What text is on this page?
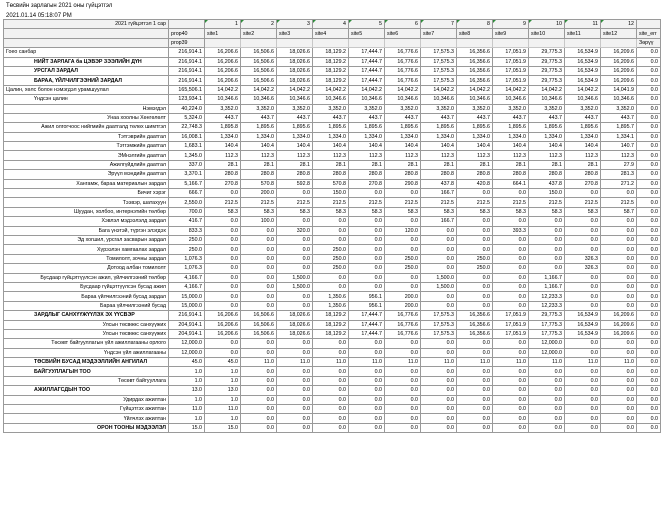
Төсвийн зарлагын 2021 оны гүйцэтгэл
2021.01.14 05:18:07 PM
2021 гүйцэтгэл 1 сар		1	2	3	4	5	6	7	8	9	10	11	12	
	prop40	site1	site2	site3	site4	site5	site6	site7	site8	site9	site10	site11	site12	site_err
	prop39													Зөрүү
Гоео санбар	216,914.1	16,206.6	16,506.6	18,026.6	18,129.2	17,444.7	16,776.6	17,575.3	16,356.6	17,051.9	29,775.3	16,534.9	16,209.6	0.0
НИЙТ ЗАРЛАГА ба ЦЭВЭР ЗЭЭЛИЙН ДҮН	216,914.1	16,206.6	16,506.6	18,026.6	18,129.2	17,444.7	16,776.6	17,575.3	16,356.6	17,051.9	29,775.3	16,534.9	16,209.6	0.0
УРСГАЛ ЗАРДАЛ	216,914.1	16,206.6	16,506.6	18,026.6	18,129.2	17,444.7	16,776.6	17,575.3	16,356.6	17,051.9	29,775.3	16,534.9	16,209.6	0.0
БАРАА, ҮЙЛЧИЛГЭЭНИЙ ЗАРДАЛ	216,914.1	16,206.6	16,506.6	18,026.6	18,129.2	17,444.7	16,776.6	17,575.3	16,356.6	17,051.9	29,775.3	16,534.9	16,209.6	0.0
Цалин, хөлс болон нэмэгдэл урамшуулал	165,506.1	14,042.2	14,042.2	14,042.2	14,042.2	14,042.2	14,042.2	14,042.2	14,042.2	14,042.2	14,042.2	14,042.2	14,041.9	0.0
Үндсэн цалин	123,934.1	10,346.6	10,346.6	10,346.6	10,346.6	10,346.6	10,346.6	10,346.6	10,346.6	10,346.6	10,346.6	10,346.6	10,346.6	0.0
Нэмэгдэл	40,224.0	3,352.0	3,352.0	3,352.0	3,352.0	3,352.0	3,352.0	3,352.0	3,352.0	3,352.0	3,352.0	3,352.0	3,352.0	0.0
Унаа хоолны Хөнгөлөлт	5,324.0	443.7	443.7	443.7	443.7	443.7	443.7	443.7	443.7	443.7	443.7	443.7	443.7	0.0
Ажил олгогчоос нийгмийн даатгалд төлөх шимтгэл	22,748.3	1,895.8	1,895.6	1,895.6	1,895.6	1,895.6	1,895.6	1,895.6	1,895.6	1,895.6	1,895.6	1,895.6	1,895.7	0.0
Тэтгэврийн даатгал	16,008.1	1,334.0	1,334.0	1,334.0	1,334.0	1,334.0	1,334.0	1,334.0	1,334.0	1,334.0	1,334.0	1,334.0	1,334.1	0.0
Тэтгэмжийн даатгал	1,683.1	140.4	140.4	140.4	140.4	140.4	140.4	140.4	140.4	140.4	140.4	140.4	140.7	0.0
ЭМнэлгийн даатгал	1,345.0	112.3	112.3	112.3	112.3	112.3	112.3	112.3	112.3	112.3	112.3	112.3	112.3	0.0
Ажилгүйдлийн даатгал	337.0	28.1	28.1	28.1	28.1	28.1	28.1	28.1	28.1	28.1	28.1	28.1	27.9	0.0
Эрүүл мэндийн даатгал	3,370.1	280.8	280.8	280.8	280.8	280.8	280.8	280.8	280.8	280.8	280.8	280.8	281.3	0.0
Хангамж, бараа материалын зардал	5,166.7	270.8	570.8	592.8	570.8	270.8	290.8	437.8	420.8	664.1	437.8	270.8	271.2	0.0
Бичиг хэрэг	666.7	0.0	200.0	0.0	150.0	0.0	0.0	166.7	0.0	0.0	150.0	0.0	0.0	0.0
Тээвэр, шатахуун	2,550.0	212.5	212.5	212.5	212.5	212.5	212.5	212.5	212.5	212.5	212.5	212.5	212.5	0.0
Шуудан, холбоо, интернэтийн төлбөр	700.0	58.3	58.3	58.3	58.3	58.3	58.3	58.3	58.3	58.3	58.3	58.3	58.7	0.0
Хэвлэл мэдээлэлд зардал	416.7	0.0	100.0	0.0	0.0	0.0	0.0	166.7	0.0	0.0	0.0	0.0	0.0	0.0
Бага үнэтэй, түргэн элэгдэх	833.3	0.0	0.0	320.0	0.0	0.0	120.0	0.0	0.0	393.3	0.0	0.0	0.0	0.0
Эд хогшил, урсгал засварын зардал	250.0	0.0	0.0	0.0	0.0	0.0	0.0	0.0	0.0	0.0	0.0	0.0	0.0	0.0
Хүрээлэн хамгаалах зардал	250.0	0.0	0.0	0.0	250.0	0.0	0.0	0.0	0.0	0.0	0.0	0.0	0.0	0.0
Томилолт, зочны зардал	1,076.3	0.0	0.0	0.0	250.0	0.0	250.0	0.0	250.0	0.0	0.0	326.3	0.0	0.0
Дотоод албан томилолт	1,076.3	0.0	0.0	0.0	250.0	0.0	250.0	0.0	250.0	0.0	0.0	326.3	0.0	0.0
Бусдаар гүйцэтгүүлсэн ажил, үйлчилгээний төлбөр	4,166.7	0.0	0.0	1,500.0	0.0	0.0	0.0	1,500.0	0.0	0.0	1,166.7	0.0	0.0	0.0
Бусдаар гүйцэтгүүлсэн бусад ажил	4,166.7	0.0	0.0	1,500.0	0.0	0.0	0.0	1,500.0	0.0	0.0	1,166.7	0.0	0.0	0.0
Бараа үйлчилгээний бусад зардал	15,000.0	0.0	0.0	0.0	1,350.6	956.1	200.0	0.0	0.0	0.0	12,233.3	0.0	0.0	0.0
Бараа үйлчилгээний бусад	15,000.0	0.0	0.0	0.0	1,350.6	956.1	200.0	0.0	0.0	0.0	12,233.3	0.0	0.0	0.0
ЗАРДЛЫГ САНХҮҮЖҮҮЛЭХ ЭХ ҮҮСВЭР	216,914.1	16,206.6	16,506.6	18,026.6	18,129.2	17,444.7	16,776.6	17,575.3	16,356.6	17,051.9	29,775.3	16,534.9	16,209.6	0.0
Улсын төсвөөс санхүүжих	204,914.1	16,206.6	16,506.6	18,026.6	18,129.2	17,444.7	16,776.6	17,575.3	16,356.6	17,051.9	17,775.3	16,534.9	16,209.6	0.0
Улсын төсвөөс санхүүжих	204,914.1	16,206.6	16,506.6	18,026.6	18,129.2	17,444.7	16,776.6	17,575.3	16,356.6	17,051.9	17,775.3	16,534.9	16,209.6	0.0
Төсөвт байгууллагын үйл ажиллагааны орлого	12,000.0	0.0	0.0	0.0	0.0	0.0	0.0	0.0	0.0	0.0	12,000.0	0.0	0.0	0.0
Үндсэн үйл ажиллагааны	12,000.0	0.0	0.0	0.0	0.0	0.0	0.0	0.0	0.0	0.0	12,000.0	0.0	0.0	0.0
ТӨСВИЙН БУСАД МЭДЭЭЛЛИЙН АНГИЛАЛ	45.0	45.0	11.0	11.0	11.0	11.0	11.0	11.0	11.0	11.0	11.0	11.0	11.0	0.0
БАЙГУУЛЛАГЫН ТОО	1.0	1.0	0.0	0.0	0.0	0.0	0.0	0.0	0.0	0.0	0.0	0.0	0.0	0.0
Төсөвт байгууллага	1.0	1.0	0.0	0.0	0.0	0.0	0.0	0.0	0.0	0.0	0.0	0.0	0.0	0.0
АЖИЛЛАГСДЫН ТОО	13.0	13.0	0.0	0.0	0.0	0.0	0.0	0.0	0.0	0.0	0.0	0.0	0.0	0.0
Удирдах ажилтан	1.0	1.0	0.0	0.0	0.0	0.0	0.0	0.0	0.0	0.0	0.0	0.0	0.0	0.0
Гүйцэтгэх ажилтан	11.0	11.0	0.0	0.0	0.0	0.0	0.0	0.0	0.0	0.0	0.0	0.0	0.0	0.0
Үйлчлэх ажилтан	1.0	1.0	0.0	0.0	0.0	0.0	0.0	0.0	0.0	0.0	0.0	0.0	0.0	0.0
ОРОН ТООНЫ МЭДЭЭЛЭЛ	15.0	15.0	0.0	0.0	0.0	0.0	0.0	0.0	0.0	0.0	0.0	0.0	0.0	0.0
